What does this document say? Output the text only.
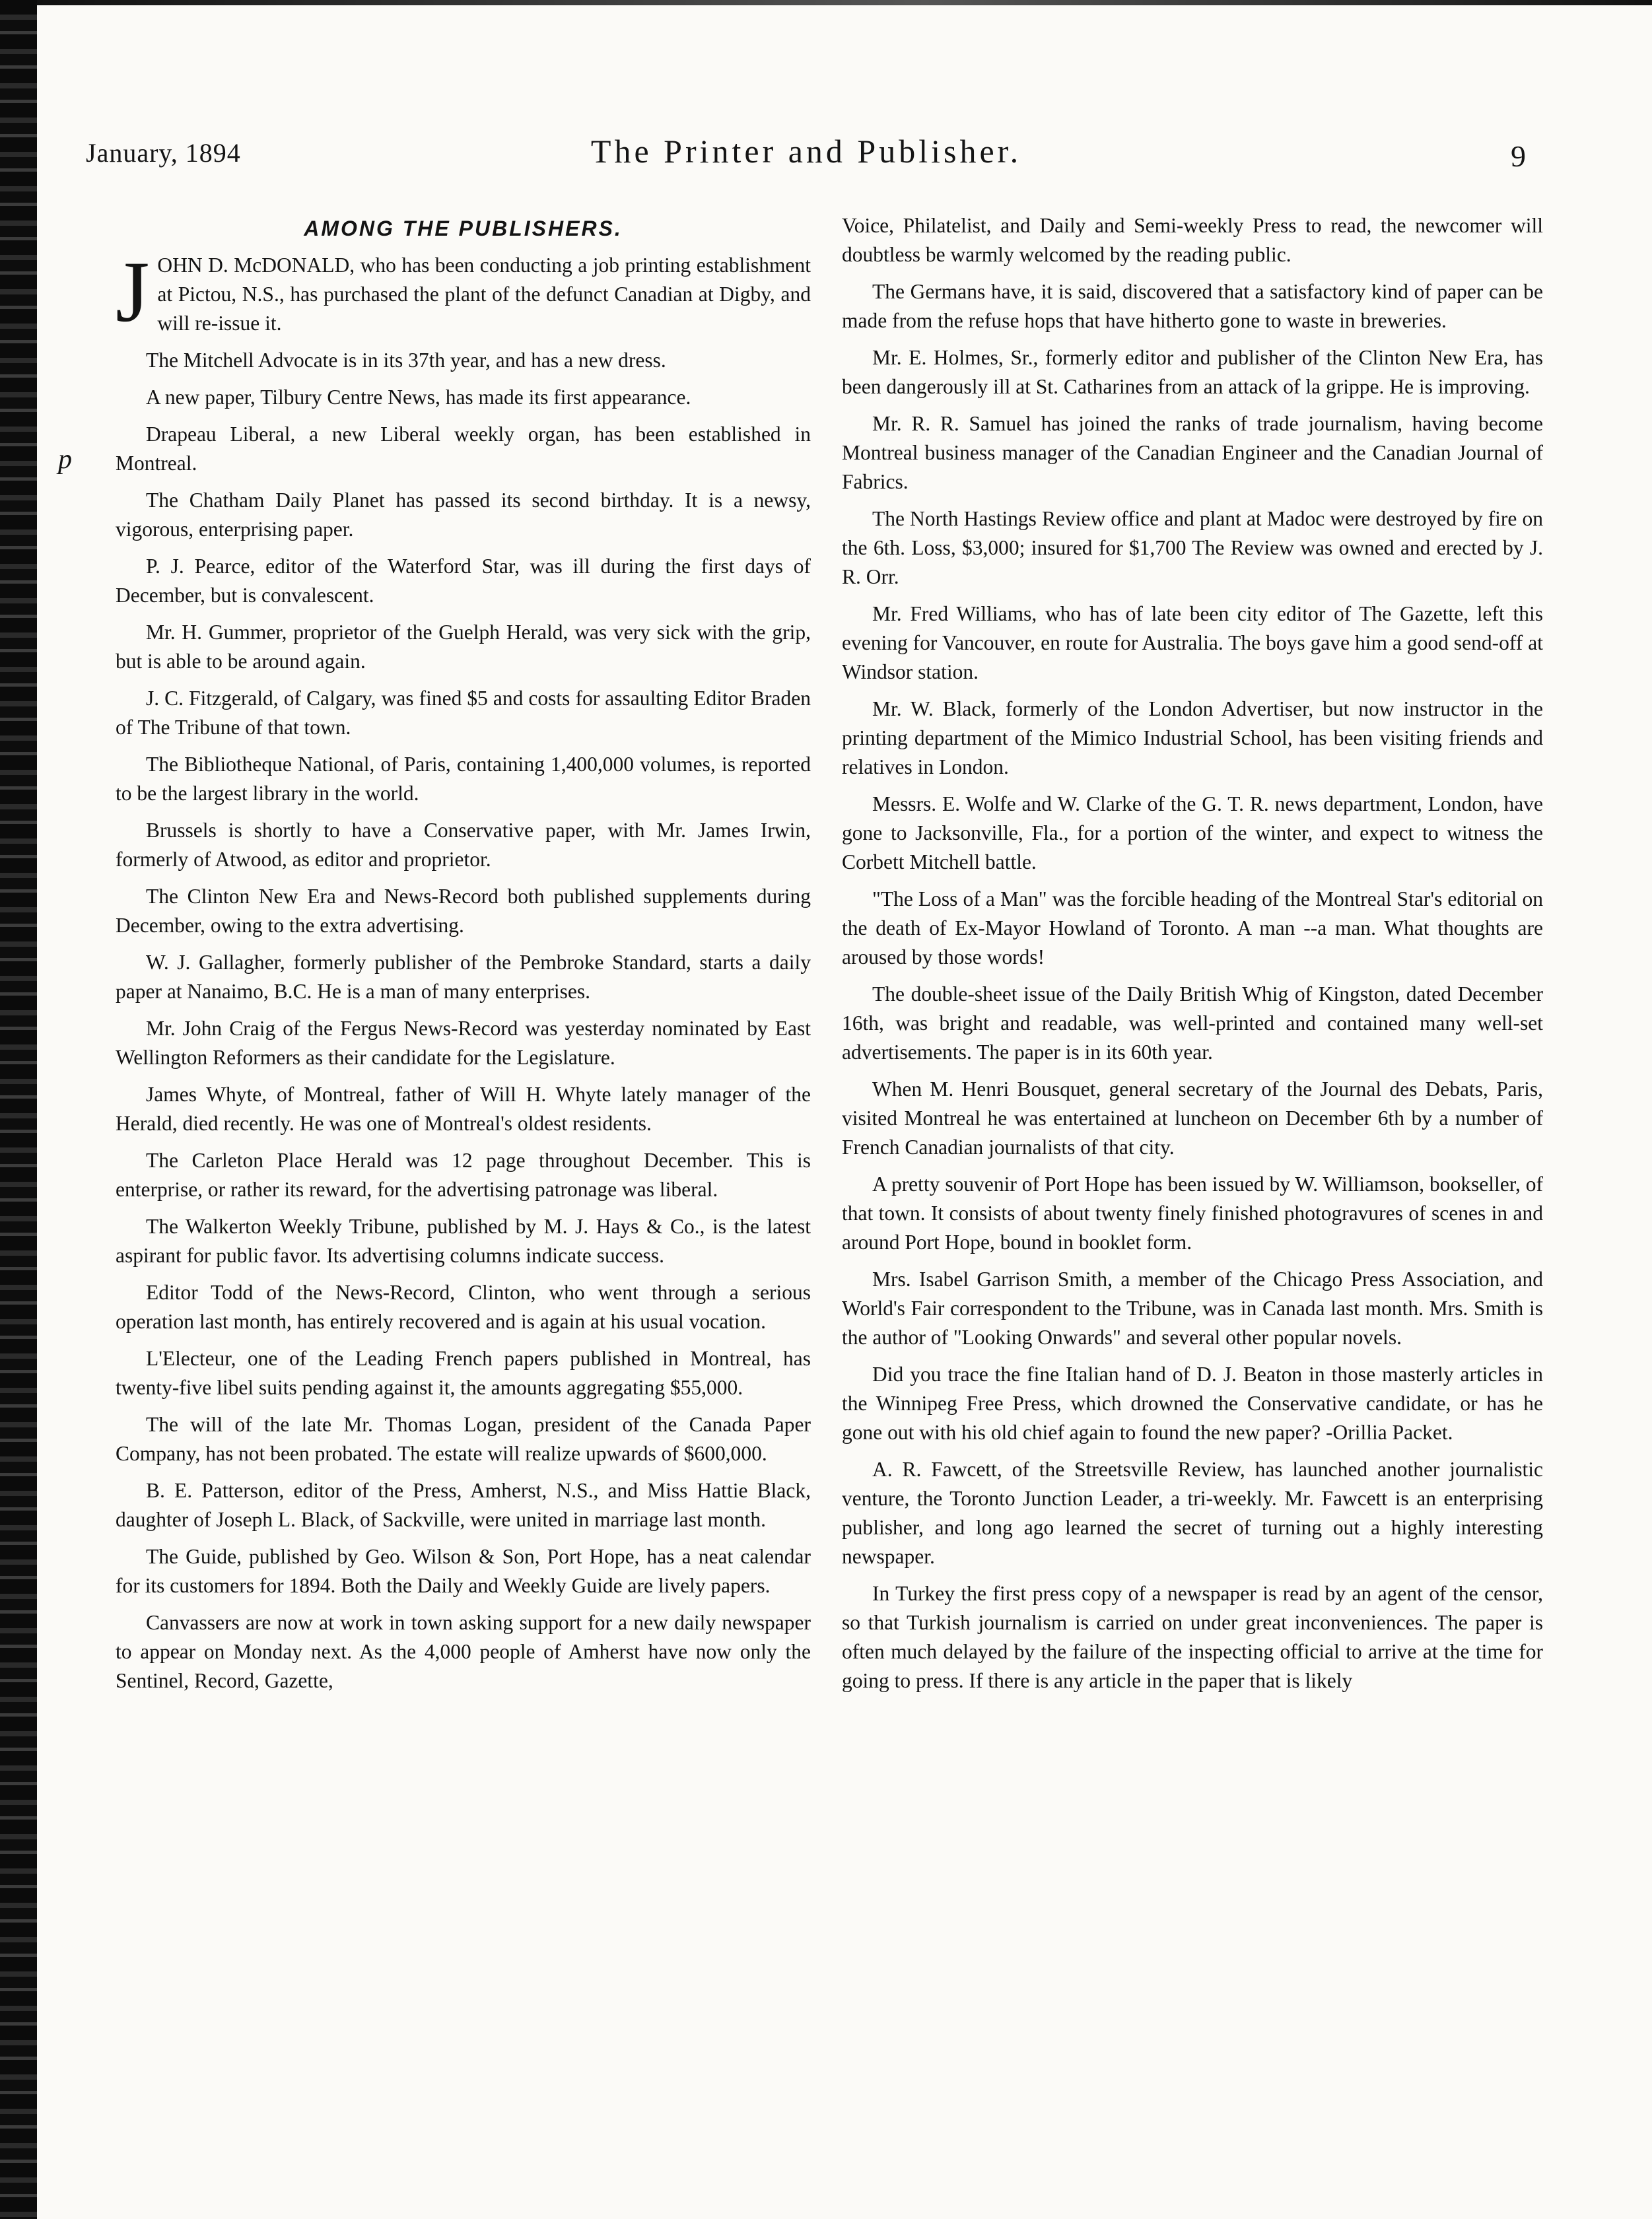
January, 1894	The Printer and Publisher.	9
p
AMONG THE PUBLISHERS.

JOHN D. McDONALD, who has been conducting a job printing establishment at Pictou, N.S., has purchased the plant of the defunct Canadian at Digby, and will re-issue it.

The Mitchell Advocate is in its 37th year, and has a new dress.

A new paper, Tilbury Centre News, has made its first appearance.

Drapeau Liberal, a new Liberal weekly organ, has been established in Montreal.

The Chatham Daily Planet has passed its second birthday. It is a newsy, vigorous, enterprising paper.

P. J. Pearce, editor of the Waterford Star, was ill during the first days of December, but is convalescent.

Mr. H. Gummer, proprietor of the Guelph Herald, was very sick with the grip, but is able to be around again.

J. C. Fitzgerald, of Calgary, was fined $5 and costs for assaulting Editor Braden of The Tribune of that town.

The Bibliotheque National, of Paris, containing 1,400,000 volumes, is reported to be the largest library in the world.

Brussels is shortly to have a Conservative paper, with Mr. James Irwin, formerly of Atwood, as editor and proprietor.

The Clinton New Era and News-Record both published supplements during December, owing to the extra advertising.

W. J. Gallagher, formerly publisher of the Pembroke Standard, starts a daily paper at Nanaimo, B.C. He is a man of many enterprises.

Mr. John Craig of the Fergus News-Record was yesterday nominated by East Wellington Reformers as their candidate for the Legislature.

James Whyte, of Montreal, father of Will H. Whyte lately manager of the Herald, died recently. He was one of Montreal's oldest residents.

The Carleton Place Herald was 12 page throughout December. This is enterprise, or rather its reward, for the advertising patronage was liberal.

The Walkerton Weekly Tribune, published by M. J. Hays & Co., is the latest aspirant for public favor. Its advertising columns indicate success.

Editor Todd of the News-Record, Clinton, who went through a serious operation last month, has entirely recovered and is again at his usual vocation.

L'Electeur, one of the Leading French papers published in Montreal, has twenty-five libel suits pending against it, the amounts aggregating $55,000.

The will of the late Mr. Thomas Logan, president of the Canada Paper Company, has not been probated. The estate will realize upwards of $600,000.

B. E. Patterson, editor of the Press, Amherst, N.S., and Miss Hattie Black, daughter of Joseph L. Black, of Sackville, were united in marriage last month.

The Guide, published by Geo. Wilson & Son, Port Hope, has a neat calendar for its customers for 1894. Both the Daily and Weekly Guide are lively papers.

Canvassers are now at work in town asking support for a new daily newspaper to appear on Monday next. As the 4,000 people of Amherst have now only the Sentinel, Record, Gazette,

Voice, Philatelist, and Daily and Semi-weekly Press to read, the newcomer will doubtless be warmly welcomed by the reading public.

The Germans have, it is said, discovered that a satisfactory kind of paper can be made from the refuse hops that have hitherto gone to waste in breweries.

Mr. E. Holmes, Sr., formerly editor and publisher of the Clinton New Era, has been dangerously ill at St. Catharines from an attack of la grippe. He is improving.

Mr. R. R. Samuel has joined the ranks of trade journalism, having become Montreal business manager of the Canadian Engineer and the Canadian Journal of Fabrics.

The North Hastings Review office and plant at Madoc were destroyed by fire on the 6th. Loss, $3,000; insured for $1,700 The Review was owned and erected by J. R. Orr.

Mr. Fred Williams, who has of late been city editor of The Gazette, left this evening for Vancouver, en route for Australia. The boys gave him a good send-off at Windsor station.

Mr. W. Black, formerly of the London Advertiser, but now instructor in the printing department of the Mimico Industrial School, has been visiting friends and relatives in London.

Messrs. E. Wolfe and W. Clarke of the G. T. R. news department, London, have gone to Jacksonville, Fla., for a portion of the winter, and expect to witness the Corbett Mitchell battle.

"The Loss of a Man" was the forcible heading of the Montreal Star's editorial on the death of Ex-Mayor Howland of Toronto. A man --a man. What thoughts are aroused by those words!

The double-sheet issue of the Daily British Whig of Kingston, dated December 16th, was bright and readable, was well-printed and contained many well-set advertisements. The paper is in its 60th year.

When M. Henri Bousquet, general secretary of the Journal des Debats, Paris, visited Montreal he was entertained at luncheon on December 6th by a number of French Canadian journalists of that city.

A pretty souvenir of Port Hope has been issued by W. Williamson, bookseller, of that town. It consists of about twenty finely finished photogravures of scenes in and around Port Hope, bound in booklet form.

Mrs. Isabel Garrison Smith, a member of the Chicago Press Association, and World's Fair correspondent to the Tribune, was in Canada last month. Mrs. Smith is the author of "Looking Onwards" and several other popular novels.

Did you trace the fine Italian hand of D. J. Beaton in those masterly articles in the Winnipeg Free Press, which drowned the Conservative candidate, or has he gone out with his old chief again to found the new paper? -Orillia Packet.

A. R. Fawcett, of the Streetsville Review, has launched another journalistic venture, the Toronto Junction Leader, a tri-weekly. Mr. Fawcett is an enterprising publisher, and long ago learned the secret of turning out a highly interesting newspaper.

In Turkey the first press copy of a newspaper is read by an agent of the censor, so that Turkish journalism is carried on under great inconveniences. The paper is often much delayed by the failure of the inspecting official to arrive at the time for going to press. If there is any article in the paper that is likely
